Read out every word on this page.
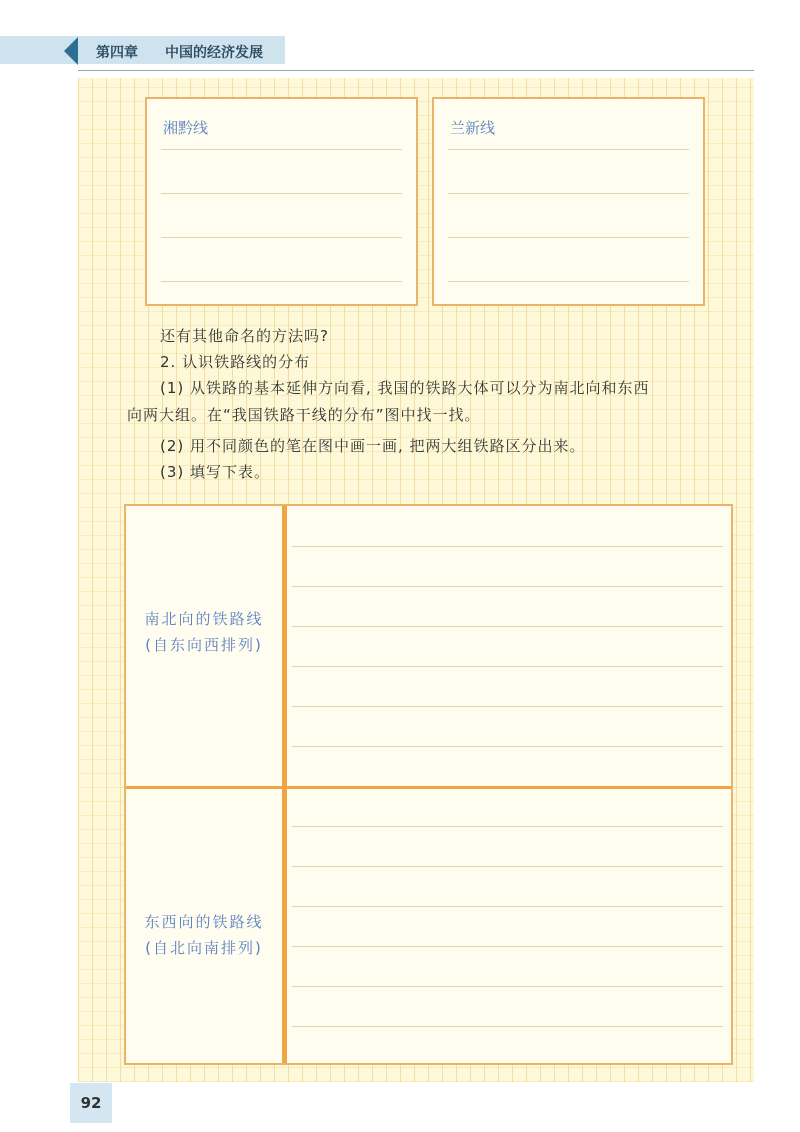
第四章 中国的经济发展
湘黔线	兰新线
还有其他命名的方法吗?
2. 认识铁路线的分布
(1) 从铁路的基本延伸方向看, 我国的铁路大体可以分为南北向和东西
向两大组。在“我国铁路干线的分布”图中找一找。
(2) 用不同颜色的笔在图中画一画, 把两大组铁路区分出来。
(3) 填写下表。
南北向的铁路线
(自东向西排列)
东西向的铁路线
(自北向南排列)
92
